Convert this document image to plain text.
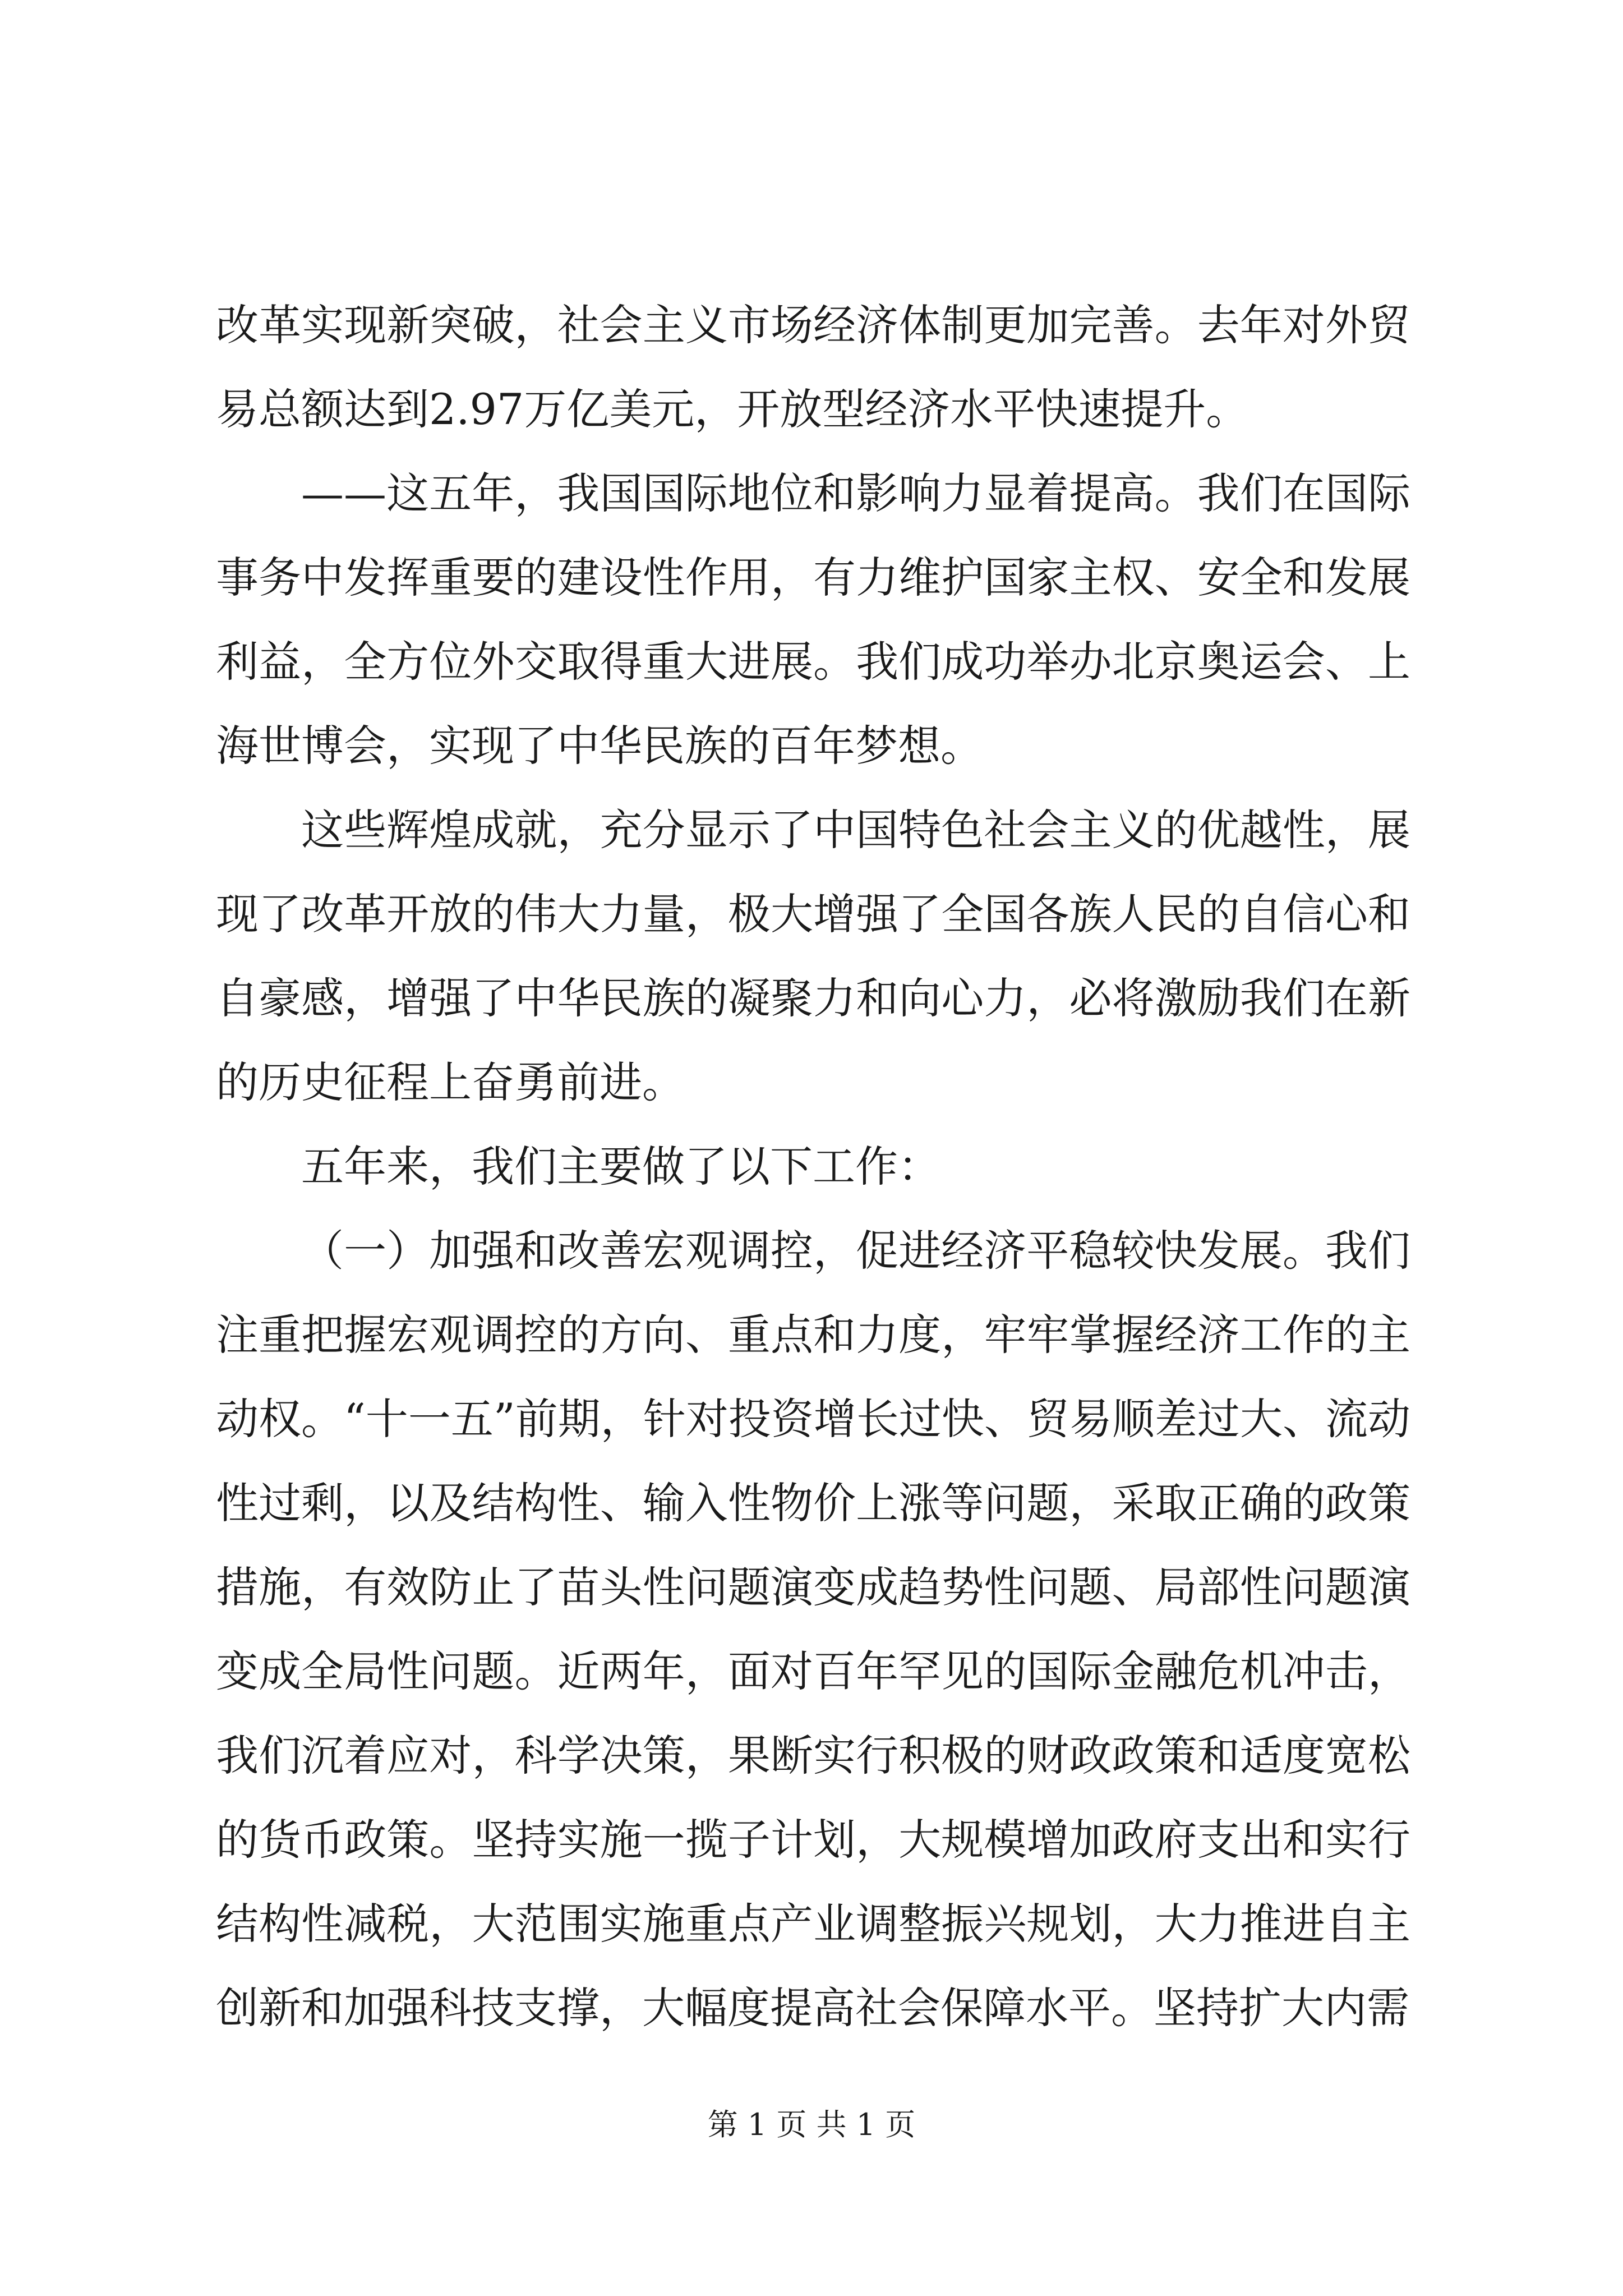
改革实现新突破，社会主义市场经济体制更加完善。去年对外贸易总额达到2.97万亿美元，开放型经济水平快速提升。

——这五年，我国国际地位和影响力显着提高。我们在国际事务中发挥重要的建设性作用，有力维护国家主权、安全和发展利益，全方位外交取得重大进展。我们成功举办北京奥运会、上海世博会，实现了中华民族的百年梦想。

这些辉煌成就，充分显示了中国特色社会主义的优越性，展现了改革开放的伟大力量，极大增强了全国各族人民的自信心和自豪感，增强了中华民族的凝聚力和向心力，必将激励我们在新的历史征程上奋勇前进。

五年来，我们主要做了以下工作：

（一）加强和改善宏观调控，促进经济平稳较快发展。我们注重把握宏观调控的方向、重点和力度，牢牢掌握经济工作的主动权。“十一五”前期，针对投资增长过快、贸易顺差过大、流动性过剩，以及结构性、输入性物价上涨等问题，采取正确的政策措施，有效防止了苗头性问题演变成趋势性问题、局部性问题演变成全局性问题。近两年，面对百年罕见的国际金融危机冲击，我们沉着应对，科学决策，果断实行积极的财政政策和适度宽松的货币政策。坚持实施一揽子计划，大规模增加政府支出和实行结构性减税，大范围实施重点产业调整振兴规划，大力推进自主创新和加强科技支撑，大幅度提高社会保障水平。坚持扩大内需

第 1 页 共 1 页
